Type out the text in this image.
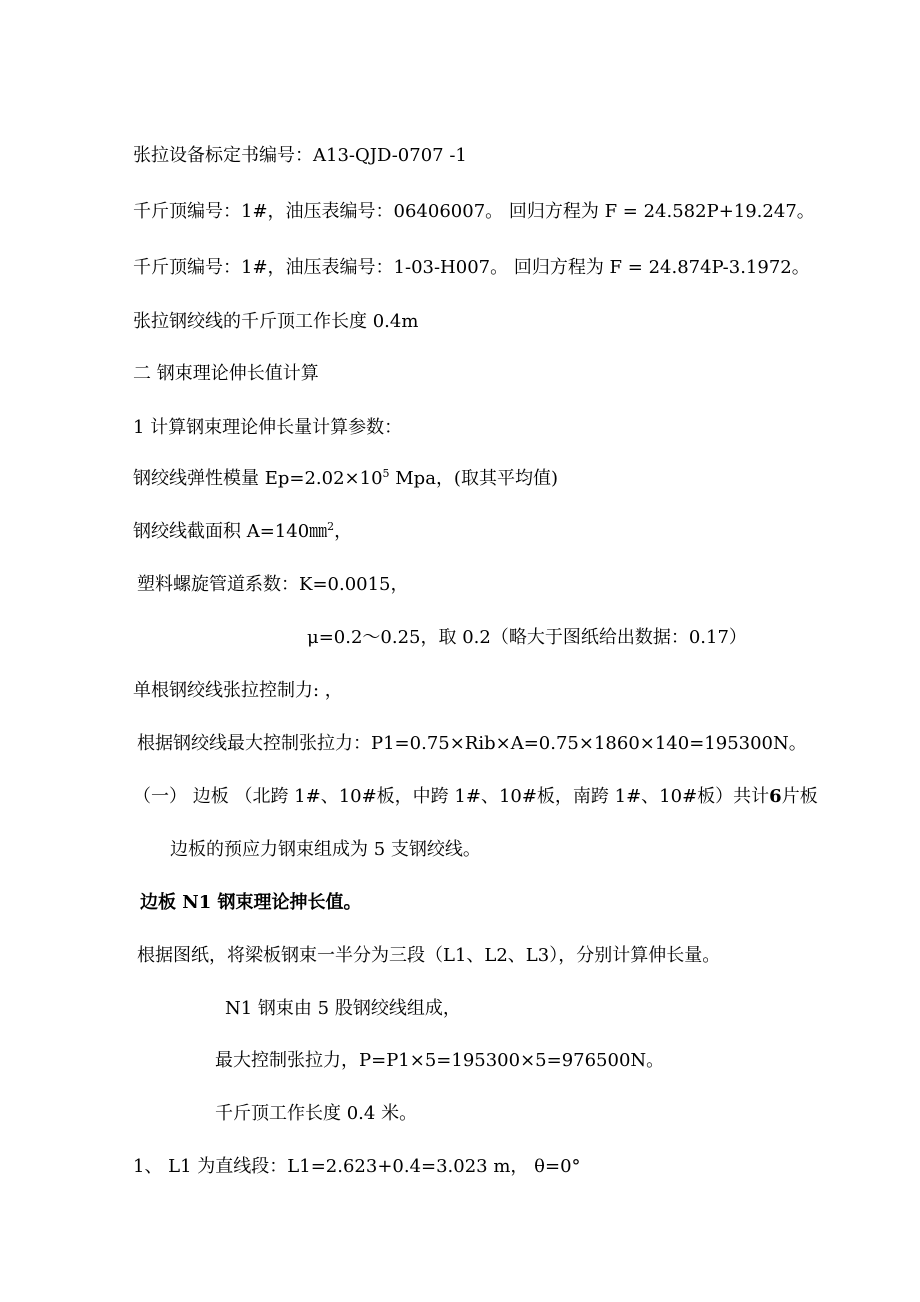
张拉设备标定书编号：A13-QJD-0707 -1
千斤顶编号：1#，油压表编号：06406007。 回归方程为 F = 24.582P+19.247。
千斤顶编号：1#，油压表编号：1-03-H007。 回归方程为 F = 24.874P-3.1972。
张拉钢绞线的千斤顶工作长度 0.4m
二 钢束理论伸长值计算
1 计算钢束理论伸长量计算参数：
钢绞线弹性模量 $Ep=2.02\times 10^5$ Mpa，(取其平均值)
钢绞线截面积 A=140㎜$^2$，
塑料螺旋管道系数：K=0.0015，
μ=0.2～0.25，取 0.2（略大于图纸给出数据：0.17）
单根钢绞线张拉控制力: ，
根据钢绞线最大控制张拉力：P1=0.75×Rib×A=0.75×1860×140=195300N。
（一） 边板 （北跨 1#、10#板，中跨 1#、10#板，南跨 1#、10#板）共计6片板
边板的预应力钢束组成为 5 支钢绞线。
边板 N1 钢束理论抻长值。
根据图纸，将梁板钢束一半分为三段（L1、L2、L3），分别计算伸长量。
N1 钢束由 5 股钢绞线组成，
最大控制张拉力，P=P1×5=195300×5=976500N。
千斤顶工作长度 0.4 米。
1、 L1 为直线段：L1=2.623+0.4=3.023 m， θ=0°
